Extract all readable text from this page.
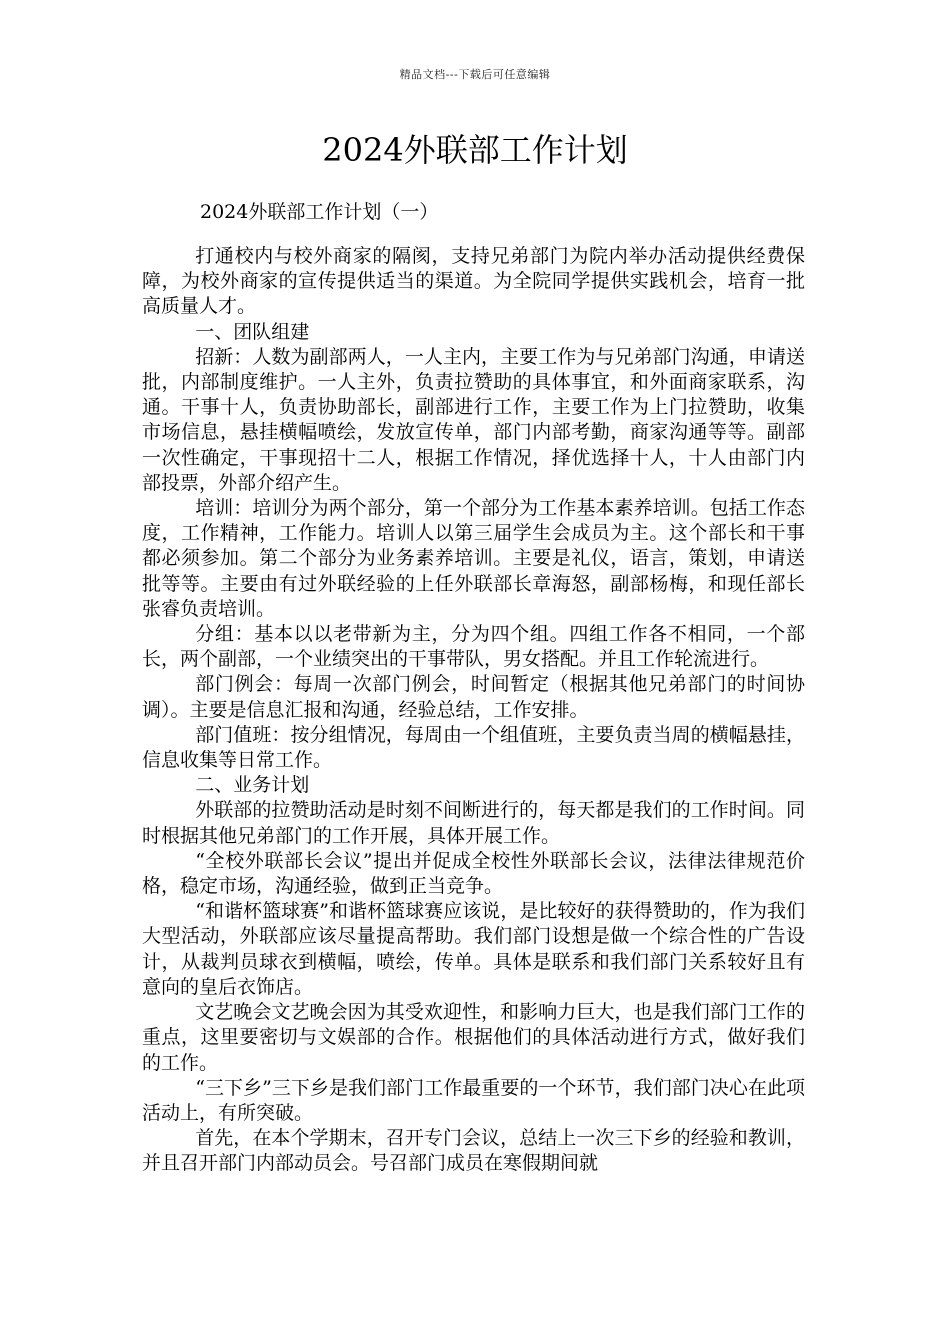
精品文档---下载后可任意编辑
2024外联部工作计划
2024外联部工作计划（一）

打通校内与校外商家的隔阂，支持兄弟部门为院内举办活动提供经费保障，为校外商家的宣传提供适当的渠道。为全院同学提供实践机会，培育一批高质量人才。

一、团队组建

招新：人数为副部两人，一人主内，主要工作为与兄弟部门沟通，申请送批，内部制度维护。一人主外，负责拉赞助的具体事宜，和外面商家联系，沟通。干事十人，负责协助部长，副部进行工作，主要工作为上门拉赞助，收集市场信息，悬挂横幅喷绘，发放宣传单，部门内部考勤，商家沟通等等。副部一次性确定，干事现招十二人，根据工作情况，择优选择十人，十人由部门内部投票，外部介绍产生。

培训：培训分为两个部分，第一个部分为工作基本素养培训。包括工作态度，工作精神，工作能力。培训人以第三届学生会成员为主。这个部长和干事都必须参加。第二个部分为业务素养培训。主要是礼仪，语言，策划，申请送批等等。主要由有过外联经验的上任外联部长章海怒，副部杨梅，和现任部长张睿负责培训。

分组：基本以以老带新为主，分为四个组。四组工作各不相同，一个部长，两个副部，一个业绩突出的干事带队，男女搭配。并且工作轮流进行。

部门例会：每周一次部门例会，时间暂定（根据其他兄弟部门的时间协调）。主要是信息汇报和沟通，经验总结，工作安排。

部门值班：按分组情况，每周由一个组值班，主要负责当周的横幅悬挂，信息收集等日常工作。

二、业务计划

外联部的拉赞助活动是时刻不间断进行的，每天都是我们的工作时间。同时根据其他兄弟部门的工作开展，具体开展工作。

“全校外联部长会议”提出并促成全校性外联部长会议，法律法律规范价格，稳定市场，沟通经验，做到正当竞争。

“和谐杯篮球赛”和谐杯篮球赛应该说，是比较好的获得赞助的，作为我们大型活动，外联部应该尽量提高帮助。我们部门设想是做一个综合性的广告设计，从裁判员球衣到横幅，喷绘，传单。具体是联系和我们部门关系较好且有意向的皇后衣饰店。

文艺晚会文艺晚会因为其受欢迎性，和影响力巨大，也是我们部门工作的重点，这里要密切与文娱部的合作。根据他们的具体活动进行方式，做好我们的工作。

“三下乡”三下乡是我们部门工作最重要的一个环节，我们部门决心在此项活动上，有所突破。

首先，在本个学期末，召开专门会议，总结上一次三下乡的经验和教训，并且召开部门内部动员会。号召部门成员在寒假期间就
